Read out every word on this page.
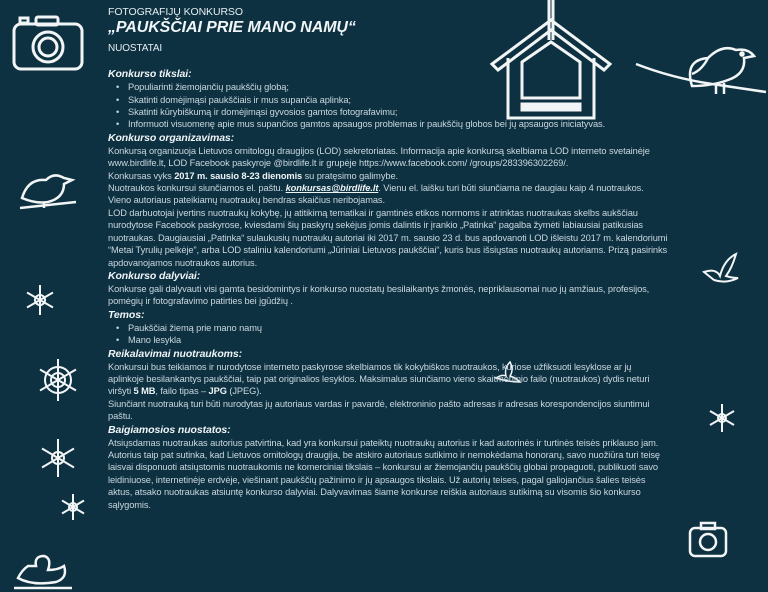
FOTOGRAFIJŲ KONKURSO
„PAUKŠČIAI PRIE MANO NAMŲ“
NUOSTATAI
Konkurso tikslai:
• Populiarinti žiemojančių paukščių globą;
• Skatinti domėjimąsi paukščiais ir mus supančia aplinka;
• Skatinti kūrybiškumą ir domėjimąsi gyvosios gamtos fotografavimu;
• Informuoti visuomenę apie mus supančios gamtos apsaugos problemas ir paukščių globos bei jų apsaugos iniciatyvas.
Konkurso organizavimas:

Konkursą organizuoja Lietuvos ornitologų draugijos (LOD) sekretoriatas. Informacija apie konkursą skelbiama LOD interneto svetainėje www.birdlife.lt, LOD Facebook paskyroje @birdlife.lt ir grupėje https://www.facebook.com/ /groups/283396302269/.

Konkursas vyks 2017 m. sausio 8-23 dienomis su pratęsimo galimybe.

Nuotraukos konkursui siunčiamos el. paštu. konkursas@birdlife.lt. Vienu el. laišku turi būti siunčiama ne daugiau kaip 4 nuotraukos. Vieno autoriaus pateikiamų nuotraukų bendras skaičius neribojamas.

LOD darbuotojai įvertins nuotraukų kokybę, jų atitikimą tematikai ir gamtinės etikos normoms ir atrinktas nuotraukas skelbs aukščiau nurodytose Facebook paskyrose, kviesdami šių paskyrų sekėjus jomis dalintis ir įrankio „Patinka“ pagalba žymėti labiausiai patikusias nuotraukas. Daugiausiai „Patinka“ sulaukusių nuotraukų autoriai iki 2017 m. sausio 23 d. bus apdovanoti LOD išleistu 2017 m. kalendoriumi “Metai Tyrulių pelkėje”, arba LOD staliniu kalendoriumi „Jūriniai Lietuvos paukščiai“, kuris bus išsiųstas nuotraukų autoriams. Prizą pasirinks apdovanojamos nuotraukos autorius.

Konkurso dalyviai:

Konkurse gali dalyvauti visi gamta besidomintys ir konkurso nuostatų besilaikantys žmonės, nepriklausomai nuo jų amžiaus, profesijos, pomėgių ir fotografavimo patirties bei įgūdžių .

Temos:
• Paukščiai žiemą prie mano namų
• Mano lesykla
Reikalavimai nuotraukoms:

Konkursui bus teikiamos ir nurodytose interneto paskyrose skelbiamos tik kokybiškos nuotraukos, kuriose užfiksuoti lesyklose ar jų aplinkoje besilankantys paukščiai, taip pat originalios lesyklos. Maksimalus siunčiamo vieno skaitmeninio failo (nuotraukos) dydis neturi viršyti 5 MB, failo tipas – JPG (JPEG).

Siunčiant nuotrauką turi būti nurodytas jų autoriaus vardas ir pavardė, elektroninio pašto adresas ir adresas korespondencijos siuntimui paštu.

Baigiamosios nuostatos:

Atsiųsdamas nuotraukas autorius patvirtina, kad yra konkursui pateiktų nuotraukų autorius ir kad autorinės ir turtinės teisės priklauso jam. Autorius taip pat sutinka, kad Lietuvos ornitologų draugija, be atskiro autoriaus sutikimo ir nemokėdama honorarų, savo nuožiūra turi teisę laisvai disponuoti atsiųstomis nuotraukomis ne komerciniai tikslais – konkursui ar žiemojančių paukščių globai propaguoti, publikuoti savo leidiniuose, internetinėje erdvėje, viešinant paukščių pažinimo ir jų apsaugos tikslais. Už autorių teises, pagal galiojančius šalies teisės aktus, atsako nuotraukas atsiuntę konkurso dalyviai. Dalyvavimas šiame konkurse reiškia autoriaus sutikimą su visomis šio konkurso sąlygomis.
